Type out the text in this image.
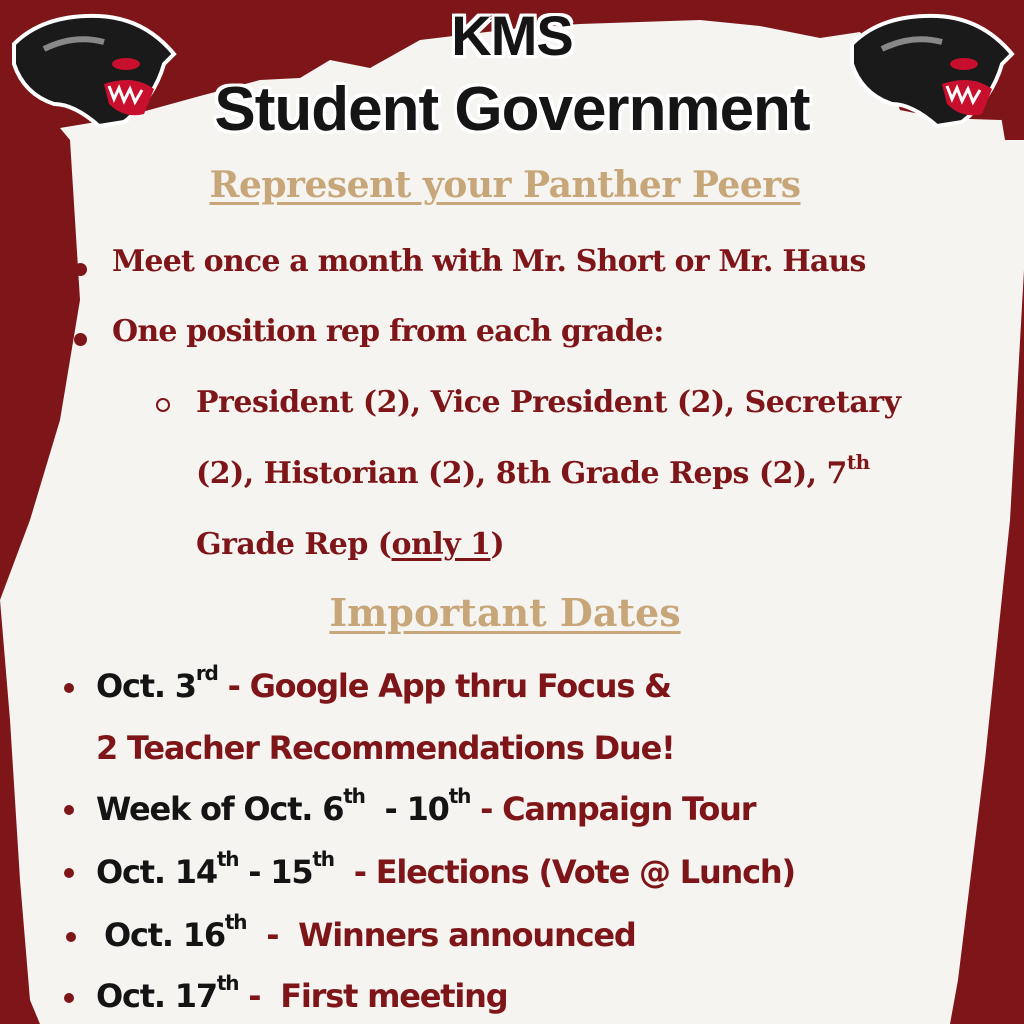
KMS
Student Government
Represent your Panther Peers
Meet once a month with Mr. Short or Mr. Haus
One position rep from each grade:
President (2), Vice President (2), Secretary
(2), Historian (2), 8th Grade Reps (2), 7th
Grade Rep (only 1)
Important Dates
Oct. 3rd - Google App thru Focus &
2 Teacher Recommendations Due!
Week of Oct. 6th  - 10th - Campaign Tour
Oct. 14th - 15th  - Elections (Vote @ Lunch)
Oct. 16th  -  Winners announced
Oct. 17th -  First meeting
